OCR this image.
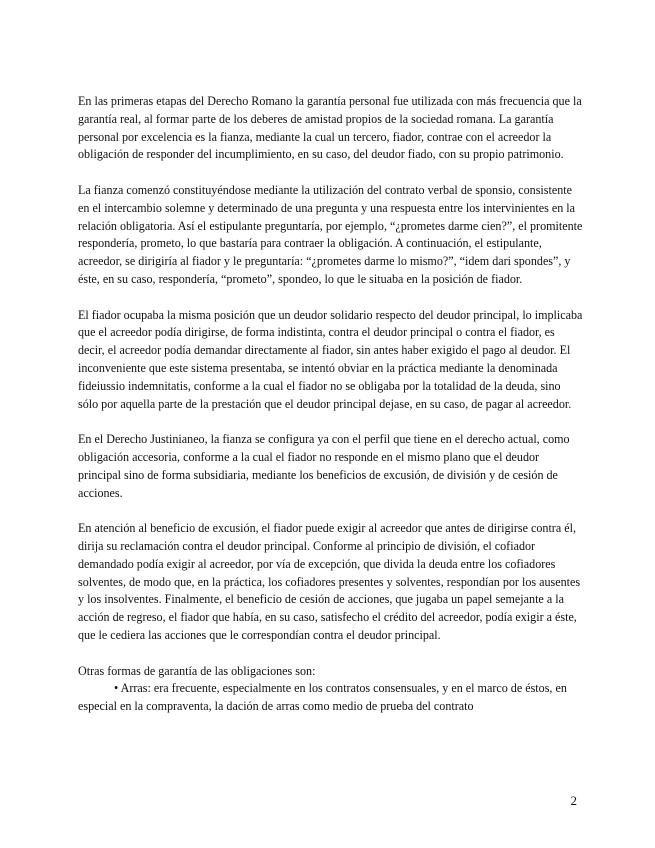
En las primeras etapas del Derecho Romano la garantía personal fue utilizada con más frecuencia que la garantía real, al formar parte de los deberes de amistad propios de la sociedad romana. La garantía personal por excelencia es la fianza, mediante la cual un tercero, fiador, contrae con el acreedor la obligación de responder del incumplimiento, en su caso, del deudor fiado, con su propio patrimonio.

La fianza comenzó constituyéndose mediante la utilización del contrato verbal de sponsio, consistente en el intercambio solemne y determinado de una pregunta y una respuesta entre los intervinientes en la relación obligatoria. Así el estipulante preguntaría, por ejemplo, “¿prometes darme cien?”, el promitente respondería, prometo, lo que bastaría para contraer la obligación. A continuación, el estipulante, acreedor, se dirigiría al fiador y le preguntaría: “¿prometes darme lo mismo?”, “idem dari spondes”, y éste, en su caso, respondería, “prometo”, spondeo, lo que le situaba en la posición de fiador.

El fiador ocupaba la misma posición que un deudor solidario respecto del deudor principal, lo implicaba que el acreedor podía dirigirse, de forma indistinta, contra el deudor principal o contra el fiador, es decir, el acreedor podía demandar directamente al fiador, sin antes haber exigido el pago al deudor. El inconveniente que este sistema presentaba, se intentó obviar en la práctica mediante la denominada fideiussio indemnitatis, conforme a la cual el fiador no se obligaba por la totalidad de la deuda, sino sólo por aquella parte de la prestación que el deudor principal dejase, en su caso, de pagar al acreedor.

En el Derecho Justinianeo, la fianza se configura ya con el perfil que tiene en el derecho actual, como obligación accesoria, conforme a la cual el fiador no responde en el mismo plano que el deudor principal sino de forma subsidiaria, mediante los beneficios de excusión, de división y de cesión de acciones.

En atención al beneficio de excusión, el fiador puede exigir al acreedor que antes de dirigirse contra él, dirija su reclamación contra el deudor principal. Conforme al principio de división, el cofiador demandado podía exigir al acreedor, por vía de excepción, que divida la deuda entre los cofiadores solventes, de modo que, en la práctica, los cofiadores presentes y solventes, respondían por los ausentes y los insolventes. Finalmente, el beneficio de cesión de acciones, que jugaba un papel semejante a la acción de regreso, el fiador que había, en su caso, satisfecho el crédito del acreedor, podía exigir a éste, que le cediera las acciones que le correspondían contra el deudor principal.

Otras formas de garantía de las obligaciones son:

• Arras: era frecuente, especialmente en los contratos consensuales, y en el marco de éstos, en especial en la compraventa, la dación de arras como medio de prueba del contrato

2
